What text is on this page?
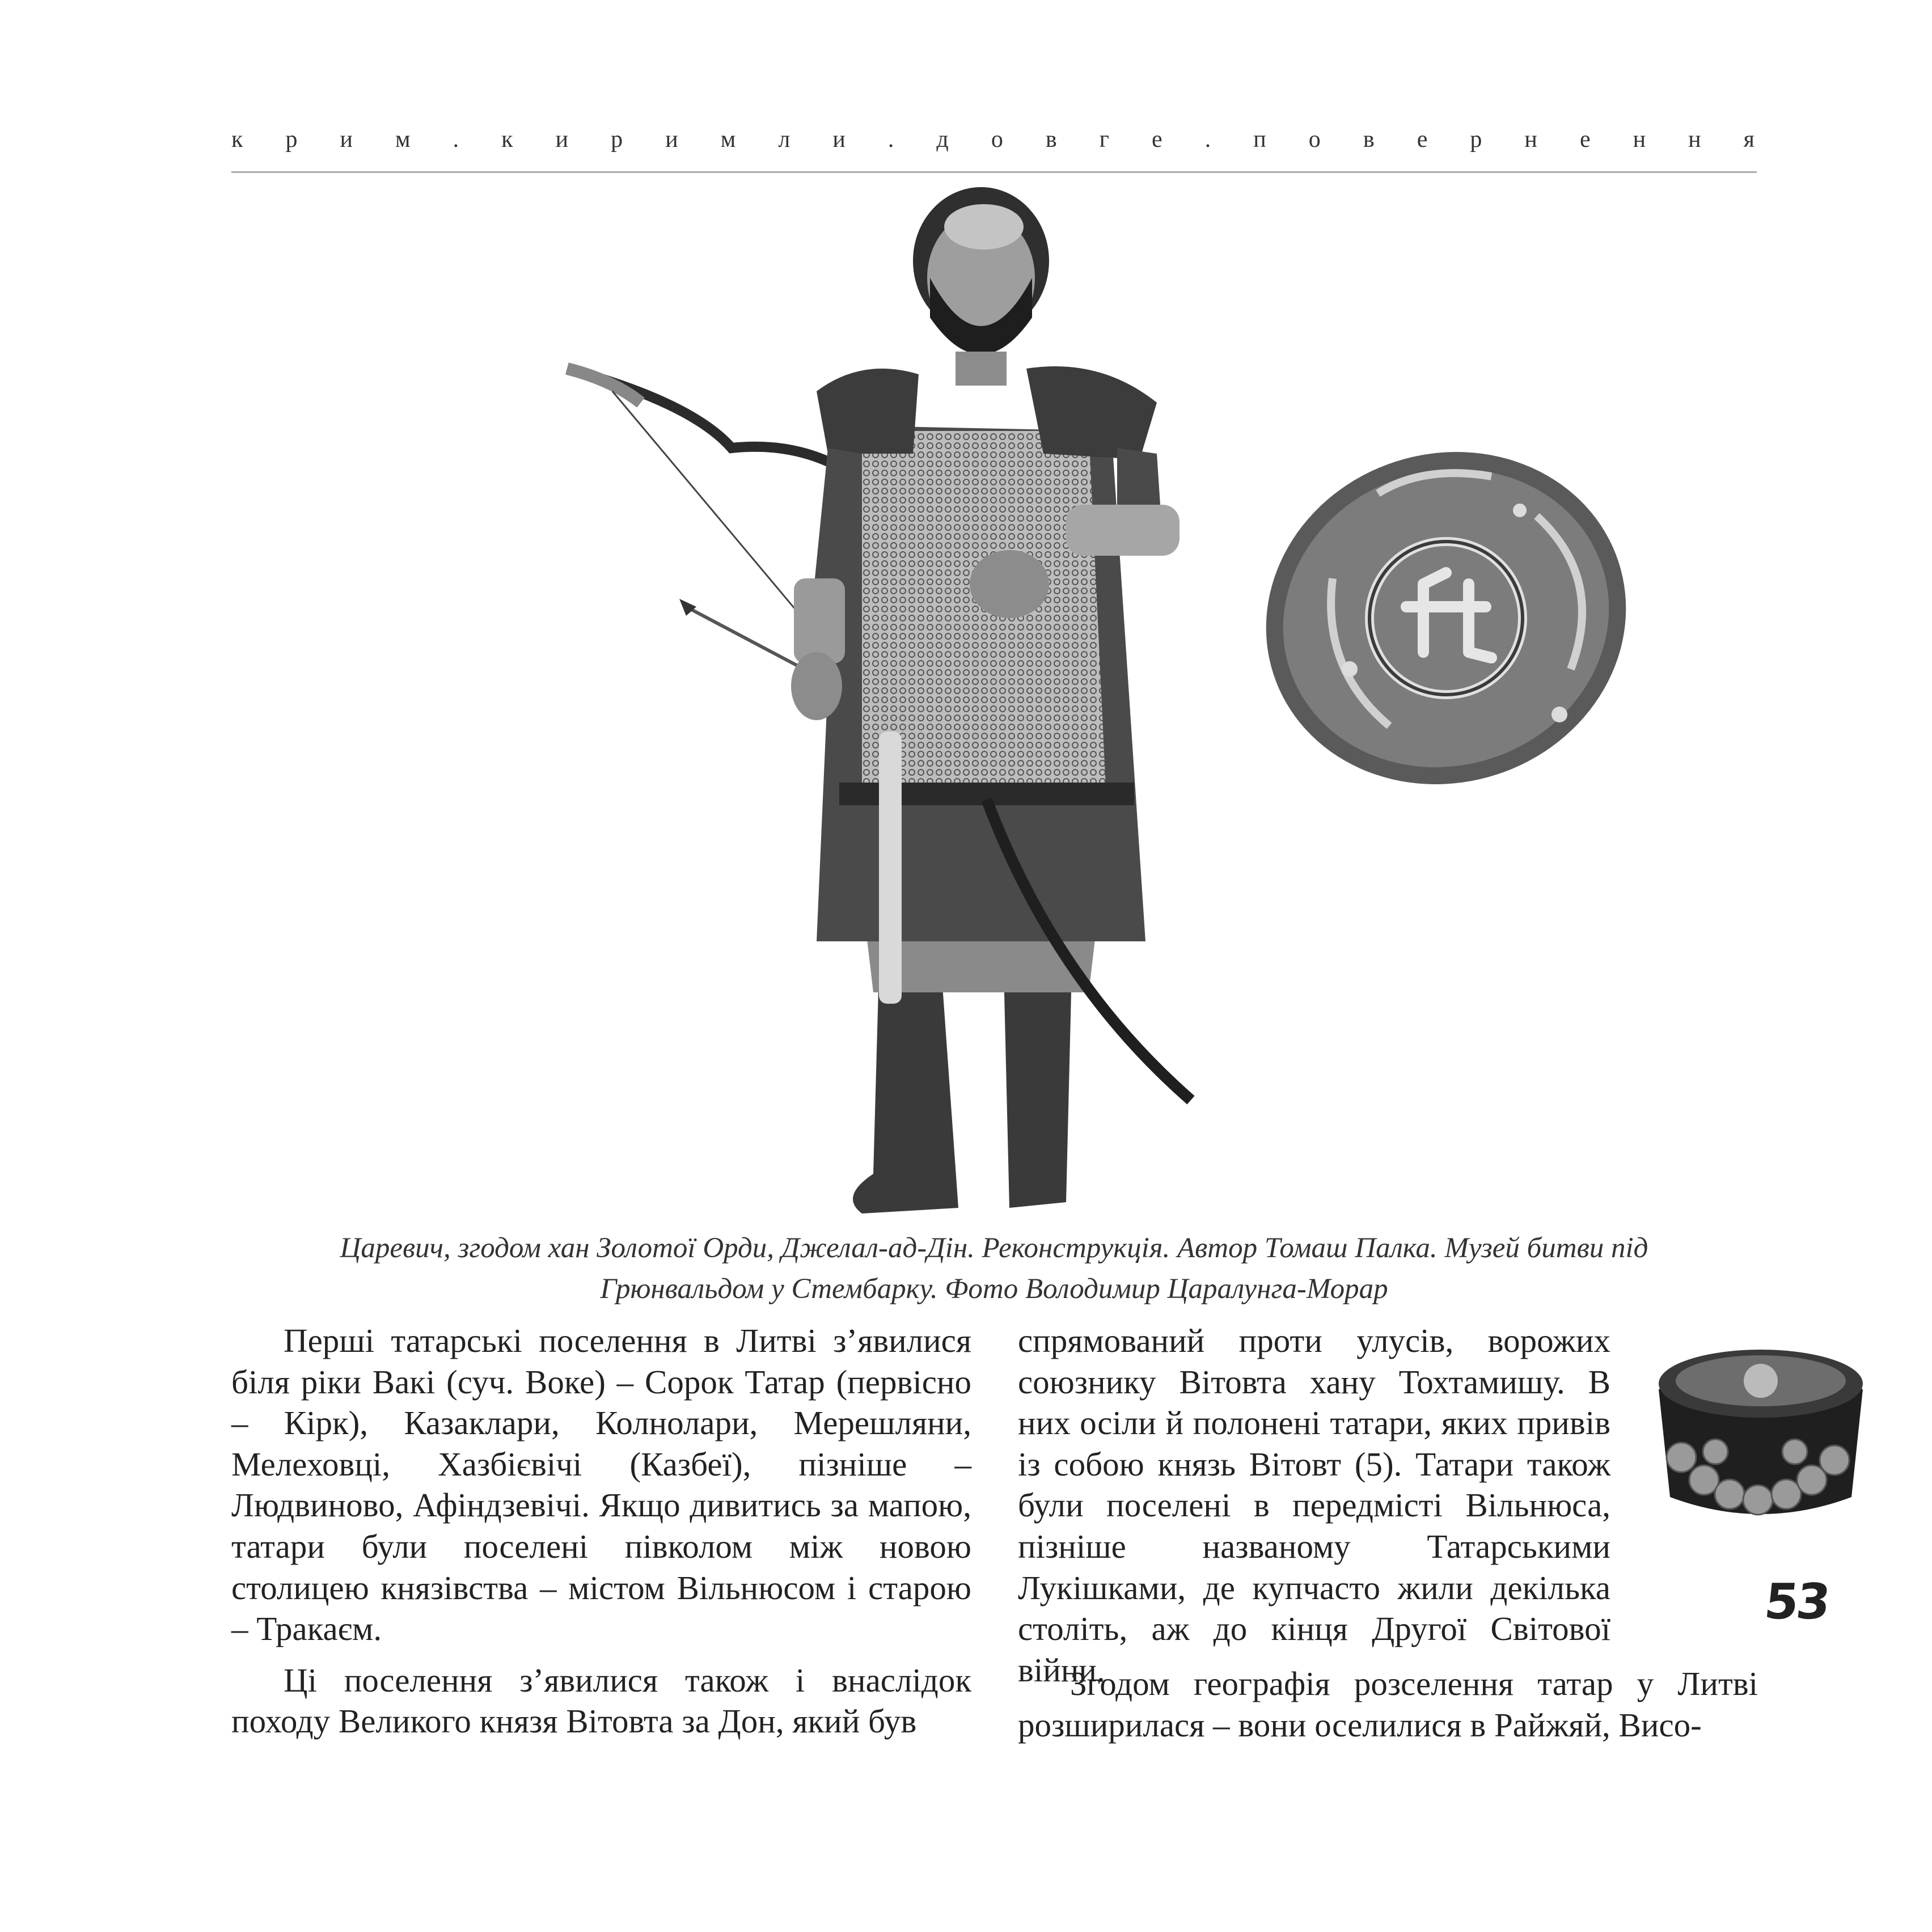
к р и м . к и р и м л и . д о в г е . п о в е р н е н н я
Царевич, згодом хан Золотої Орди, Джелал-ад-Дін. Реконструкція. Автор Томаш Палка. Музей битви під
Грюнвальдом у Стембарку. Фото Володимир Царалунга-Морар

Перші татарські поселення в Литві з’явилися біля ріки Вакі (суч. Воке) – Сорок Татар (первісно – Кірк), Казаклари, Колнолари, Мерешляни, Мелеховці, Хазбієвічі (Казбеї), пізніше – Людвиново, Афіндзевічі. Якщо дивитись за мапою, татари були поселені півколом між новою столицею князівства – містом Вільнюсом і старою – Тракаєм.

Ці поселення з’явилися також і внаслідок походу Великого князя Вітовта за Дон, який був

спрямований проти улусів, ворожих союзнику Вітовта хану Тохтамишу. В них осіли й полонені татари, яких привів із собою князь Вітовт (5). Татари також були поселені в передмісті Вільнюса, пізніше названому Татарськими Лукішками, де купчасто жили декілька століть, аж до кінця Другої Світової війни.

Згодом географія розселення татар у Литві розширилася – вони оселилися в Райжяй, Висо-

53
